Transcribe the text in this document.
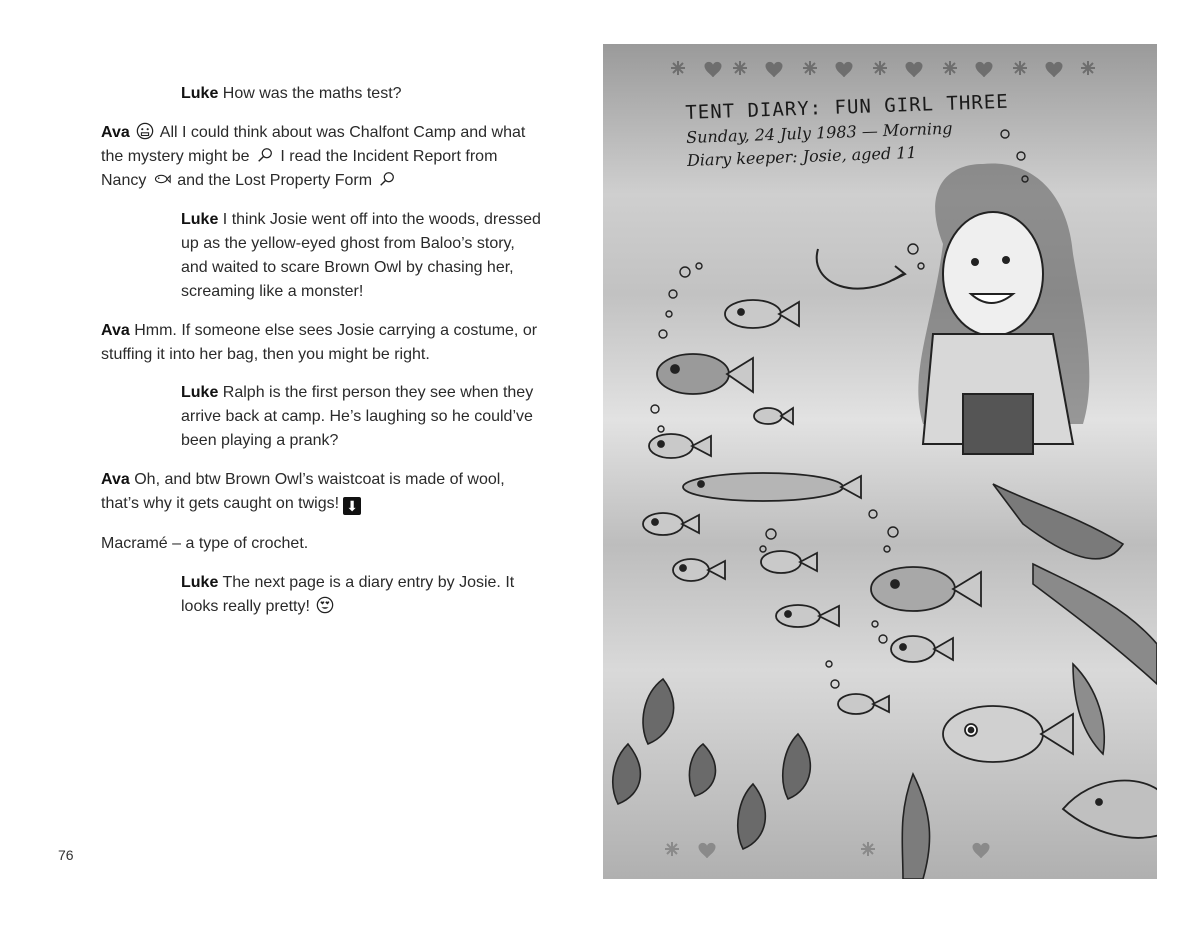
Luke How was the maths test?
Ava  All I could think about was Chalfont Camp and what
the mystery might be  I read the Incident Report from
Nancy  and the Lost Property Form
Luke I think Josie went off into the woods, dressed
up as the yellow-eyed ghost from Baloo’s story,
and waited to scare Brown Owl by chasing her,
screaming like a monster!
Ava Hmm. If someone else sees Josie carrying a costume, or
stuffing it into her bag, then you might be right.
Luke Ralph is the first person they see when they
arrive back at camp. He’s laughing so he could’ve
been playing a prank?
Ava Oh, and btw Brown Owl’s waistcoat is made of wool,
that’s why it gets caught on twigs! ⬇
Macramé – a type of crochet.
Luke The next page is a diary entry by Josie. It
looks really pretty!
76
TENT DIARY: FUN GIRL THREE
Sunday, 24 July 1983 — Morning
Diary keeper: Josie, aged 11
